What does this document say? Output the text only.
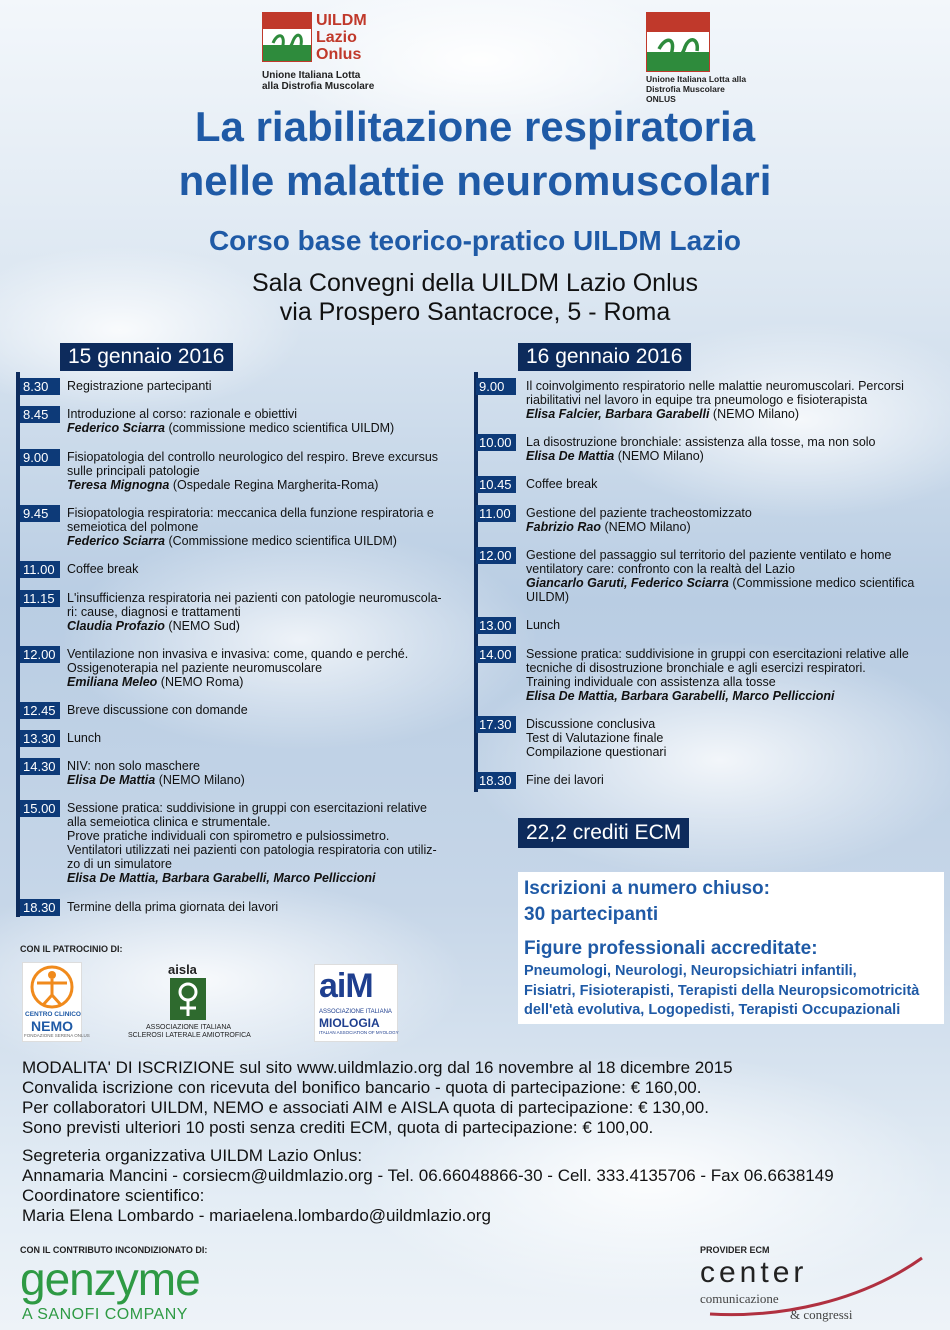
UILDM
Lazio
Onlus
Unione Italiana Lotta
alla Distrofia Muscolare
Unione Italiana Lotta alla
Distrofia Muscolare ONLUS
La riabilitazione respiratoria
nelle malattie neuromuscolari
Corso base teorico-pratico UILDM Lazio
Sala Convegni della UILDM Lazio Onlus
via Prospero Santacroce, 5 - Roma
15 gennaio 2016
8.30	Registrazione partecipanti
8.45	Introduzione al corso: razionale e obiettivi
Federico Sciarra (commissione medico scientifica UILDM)
9.00	Fisiopatologia del controllo neurologico del respiro. Breve excursus
sulle principali patologie
Teresa Mignogna (Ospedale Regina Margherita-Roma)
9.45	Fisiopatologia respiratoria: meccanica della funzione respiratoria e
semeiotica del polmone
Federico Sciarra (Commissione medico scientifica UILDM)
11.00 Coffee break
11.15 L'insufficienza respiratoria nei pazienti con patologie neuromuscola-
ri: cause, diagnosi e trattamenti
Claudia Profazio (NEMO Sud)
12.00 Ventilazione non invasiva e invasiva: come, quando e perché.
Ossigenoterapia nel paziente neuromuscolare
Emiliana Meleo (NEMO Roma)
12.45 Breve discussione con domande
13.30 Lunch
14.30 NIV: non solo maschere
Elisa De Mattia (NEMO Milano)
15.00 Sessione pratica: suddivisione in gruppi con esercitazioni relative
alla semeiotica clinica e strumentale.
Prove pratiche individuali con spirometro e pulsiossimetro.
Ventilatori utilizzati nei pazienti con patologia respiratoria con utiliz-
zo di un simulatore
Elisa De Mattia, Barbara Garabelli, Marco Pelliccioni
18.30 Termine della prima giornata dei lavori
16 gennaio 2016
9.00	Il coinvolgimento respiratorio nelle malattie neuromuscolari. Percorsi
riabilitativi nel lavoro in equipe tra pneumologo e fisioterapista
Elisa Falcier, Barbara Garabelli (NEMO Milano)
10.00	La disostruzione bronchiale: assistenza alla tosse, ma non solo
Elisa De Mattia (NEMO Milano)
10.45	Coffee break
11.00	Gestione del paziente tracheostomizzato
Fabrizio Rao (NEMO Milano)
12.00	Gestione del passaggio sul territorio del paziente ventilato e home
ventilatory care: confronto con la realtà del Lazio
Giancarlo Garuti, Federico Sciarra (Commissione medico scientifica
UILDM)
13.00	Lunch
14.00	Sessione pratica: suddivisione in gruppi con esercitazioni relative alle
tecniche di disostruzione bronchiale e agli esercizi respiratori.
Training individuale con assistenza alla tosse
Elisa De Mattia, Barbara Garabelli, Marco Pelliccioni
17.30	Discussione conclusiva
Test di Valutazione finale
Compilazione questionari
18.30	Fine dei lavori
22,2 crediti ECM
Iscrizioni a numero chiuso:
30 partecipanti
Figure professionali accreditate:
Pneumologi, Neurologi, Neuropsichiatri infantili,
Fisiatri, Fisioterapisti, Terapisti della Neuropsicomotricità
dell'età evolutiva, Logopedisti, Terapisti Occupazionali
CON IL PATROCINIO DI:
CENTRO CLINICO
NEMO
FONDAZIONE SERENA ONLUS
aisla
ASSOCIAZIONE ITALIANA
SCLEROSI LATERALE AMIOTROFICA
aiM
ASSOCIAZIONE ITALIANA
MIOLOGIA
ITALIAN ASSOCIATION OF MYOLOGY
MODALITA' DI ISCRIZIONE sul sito www.uildmlazio.org dal 16 novembre al 18 dicembre 2015
Convalida iscrizione con ricevuta del bonifico bancario - quota di partecipazione: € 160,00.
Per collaboratori UILDM, NEMO e associati AIM e AISLA quota di partecipazione: € 130,00.
Sono previsti ulteriori 10 posti senza crediti ECM, quota di partecipazione: € 100,00.
Segreteria organizzativa UILDM Lazio Onlus:
Annamaria Mancini - corsiecm@uildmlazio.org - Tel. 06.66048866-30 - Cell. 333.4135706 - Fax 06.6638149
Coordinatore scientifico:
Maria Elena Lombardo - mariaelena.lombardo@uildmlazio.org
CON IL CONTRIBUTO INCONDIZIONATO DI:
genzyme
A SANOFI COMPANY
PROVIDER ECM
center
comunicazione
& congressi
